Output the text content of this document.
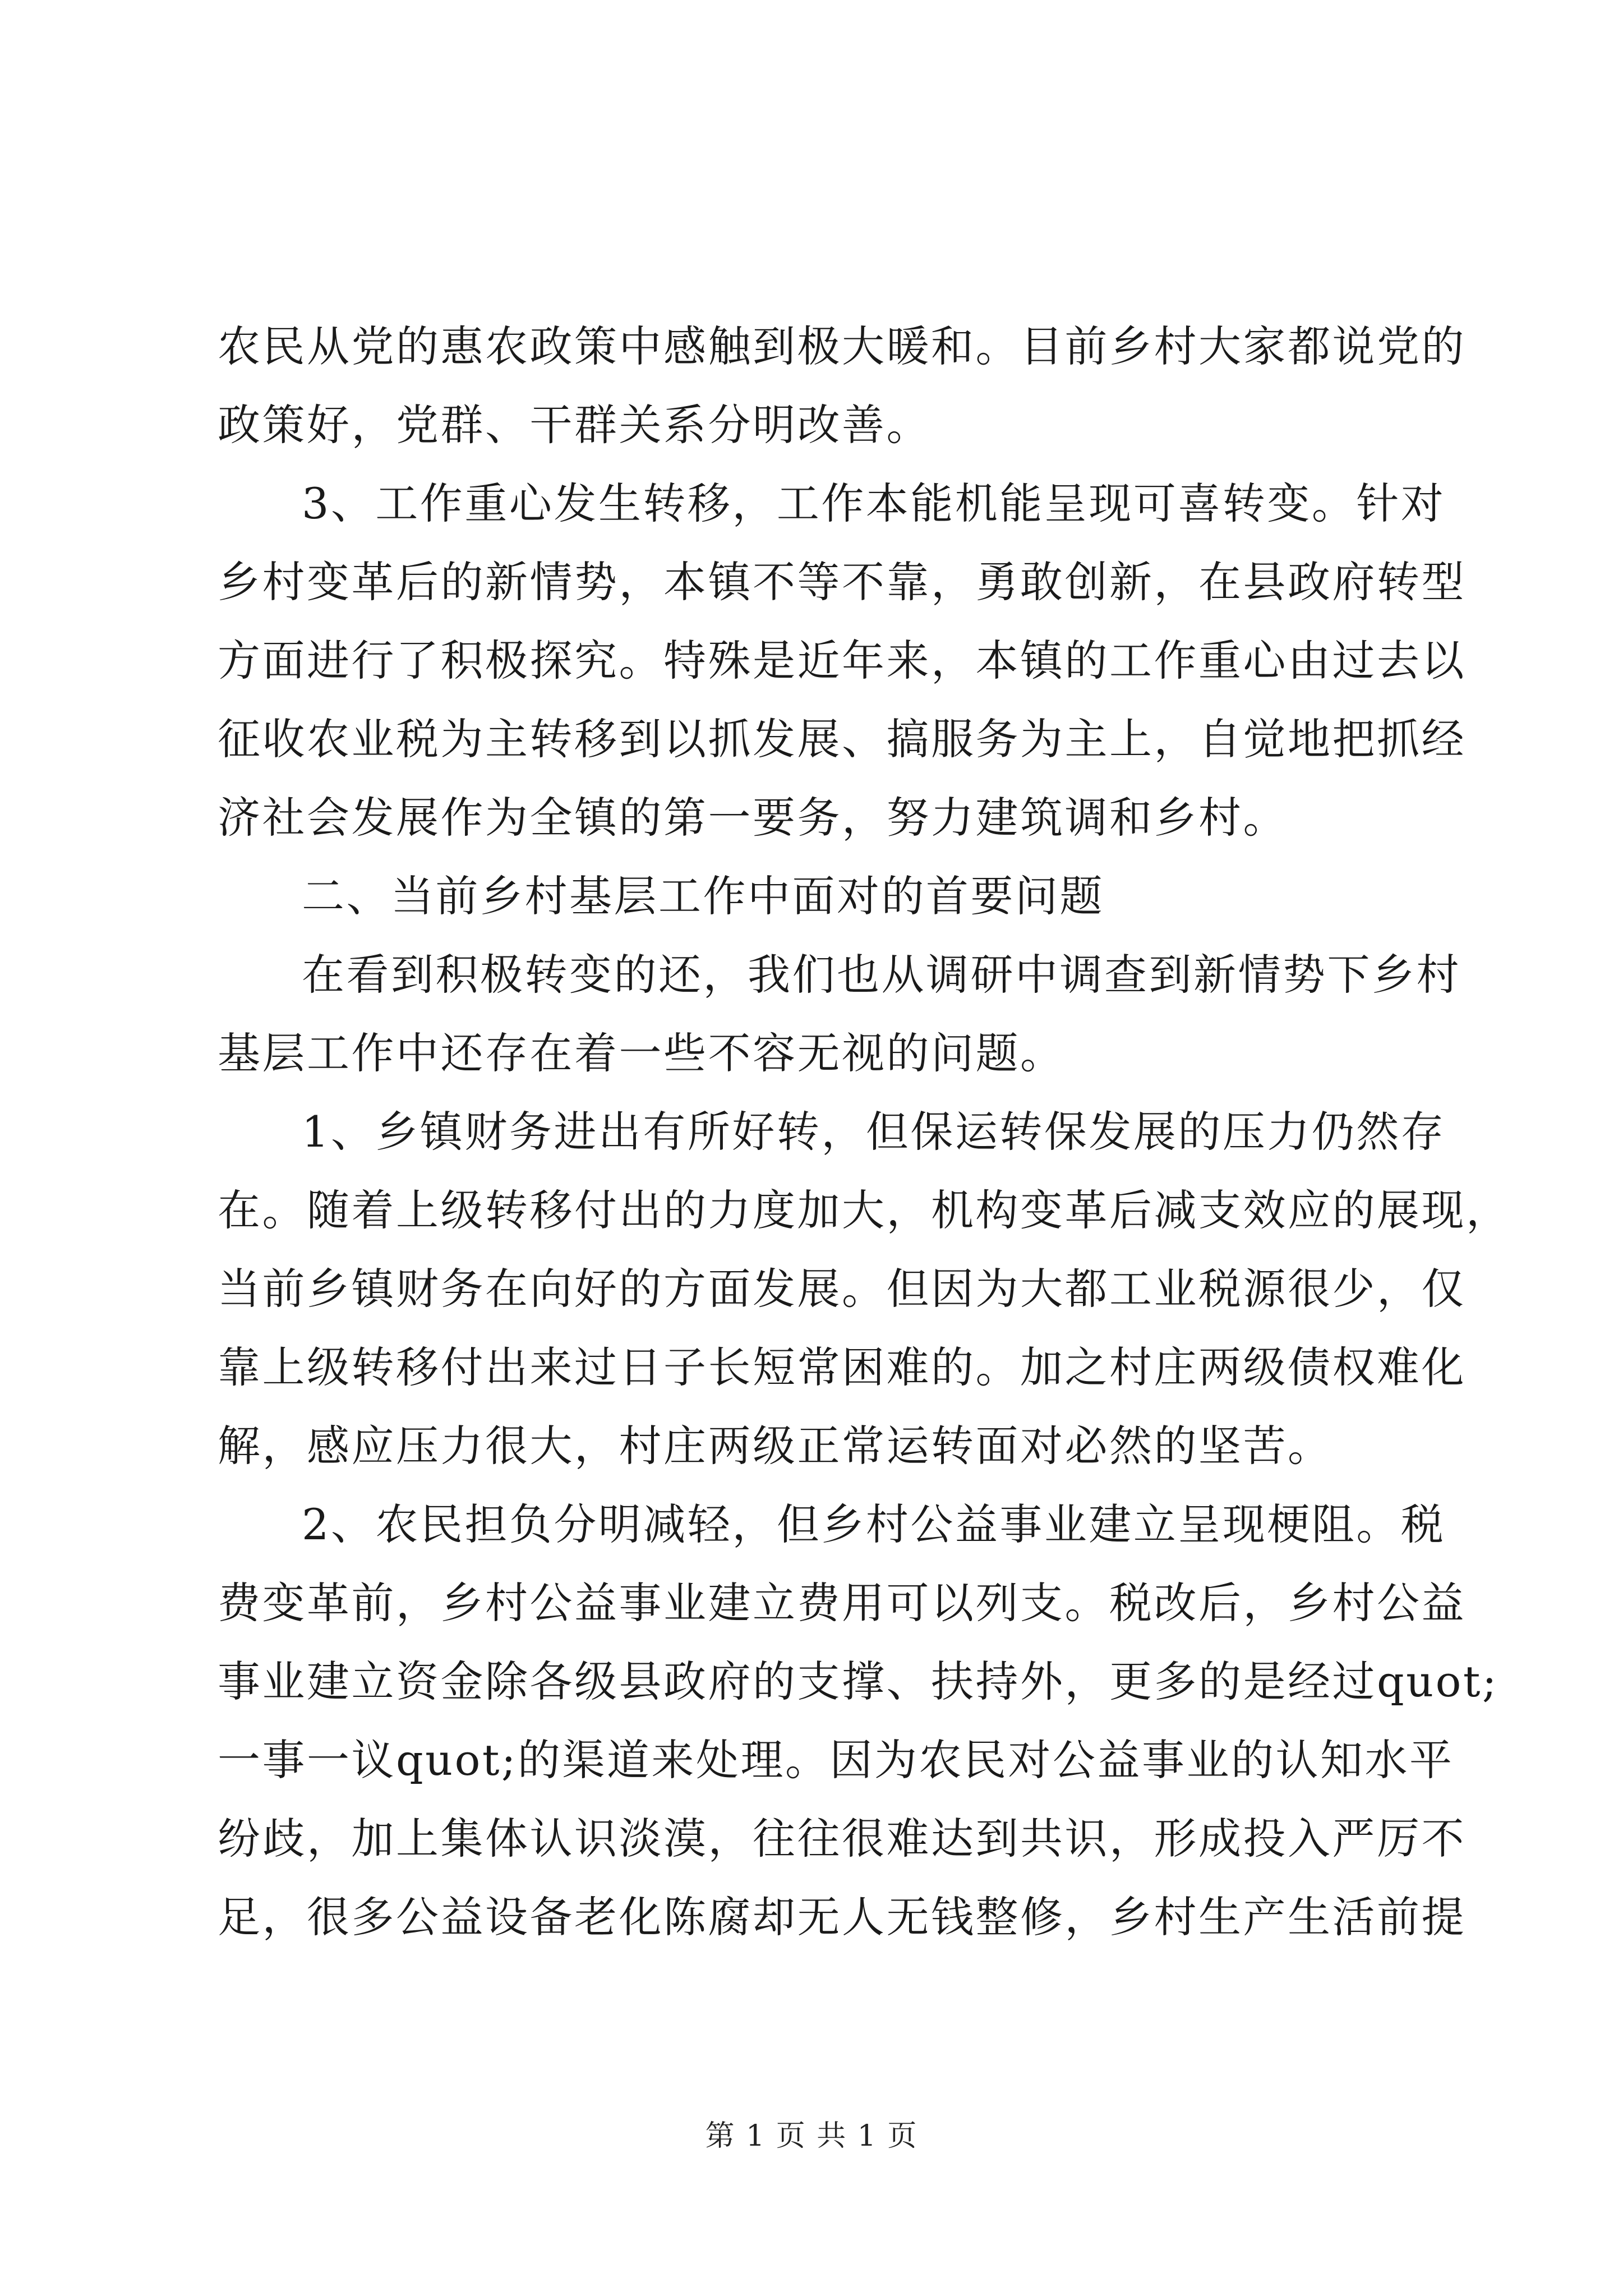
农民从党的惠农政策中感触到极大暖和。目前乡村大家都说党的
政策好，党群、干群关系分明改善。
3、工作重心发生转移，工作本能机能呈现可喜转变。针对
乡村变革后的新情势，本镇不等不靠，勇敢创新，在县政府转型
方面进行了积极探究。特殊是近年来，本镇的工作重心由过去以
征收农业税为主转移到以抓发展、搞服务为主上，自觉地把抓经
济社会发展作为全镇的第一要务，努力建筑调和乡村。
二、当前乡村基层工作中面对的首要问题
在看到积极转变的还，我们也从调研中调查到新情势下乡村
基层工作中还存在着一些不容无视的问题。
1、乡镇财务进出有所好转，但保运转保发展的压力仍然存
在。随着上级转移付出的力度加大，机构变革后减支效应的展现，
当前乡镇财务在向好的方面发展。但因为大都工业税源很少，仅
靠上级转移付出来过日子长短常困难的。加之村庄两级债权难化
解，感应压力很大，村庄两级正常运转面对必然的坚苦。
2、农民担负分明减轻，但乡村公益事业建立呈现梗阻。税
费变革前，乡村公益事业建立费用可以列支。税改后，乡村公益
事业建立资金除各级县政府的支撑、扶持外，更多的是经过quot;
一事一议quot;的渠道来处理。因为农民对公益事业的认知水平
纷歧，加上集体认识淡漠，往往很难达到共识，形成投入严厉不
足，很多公益设备老化陈腐却无人无钱整修，乡村生产生活前提
第 1 页 共 1 页
